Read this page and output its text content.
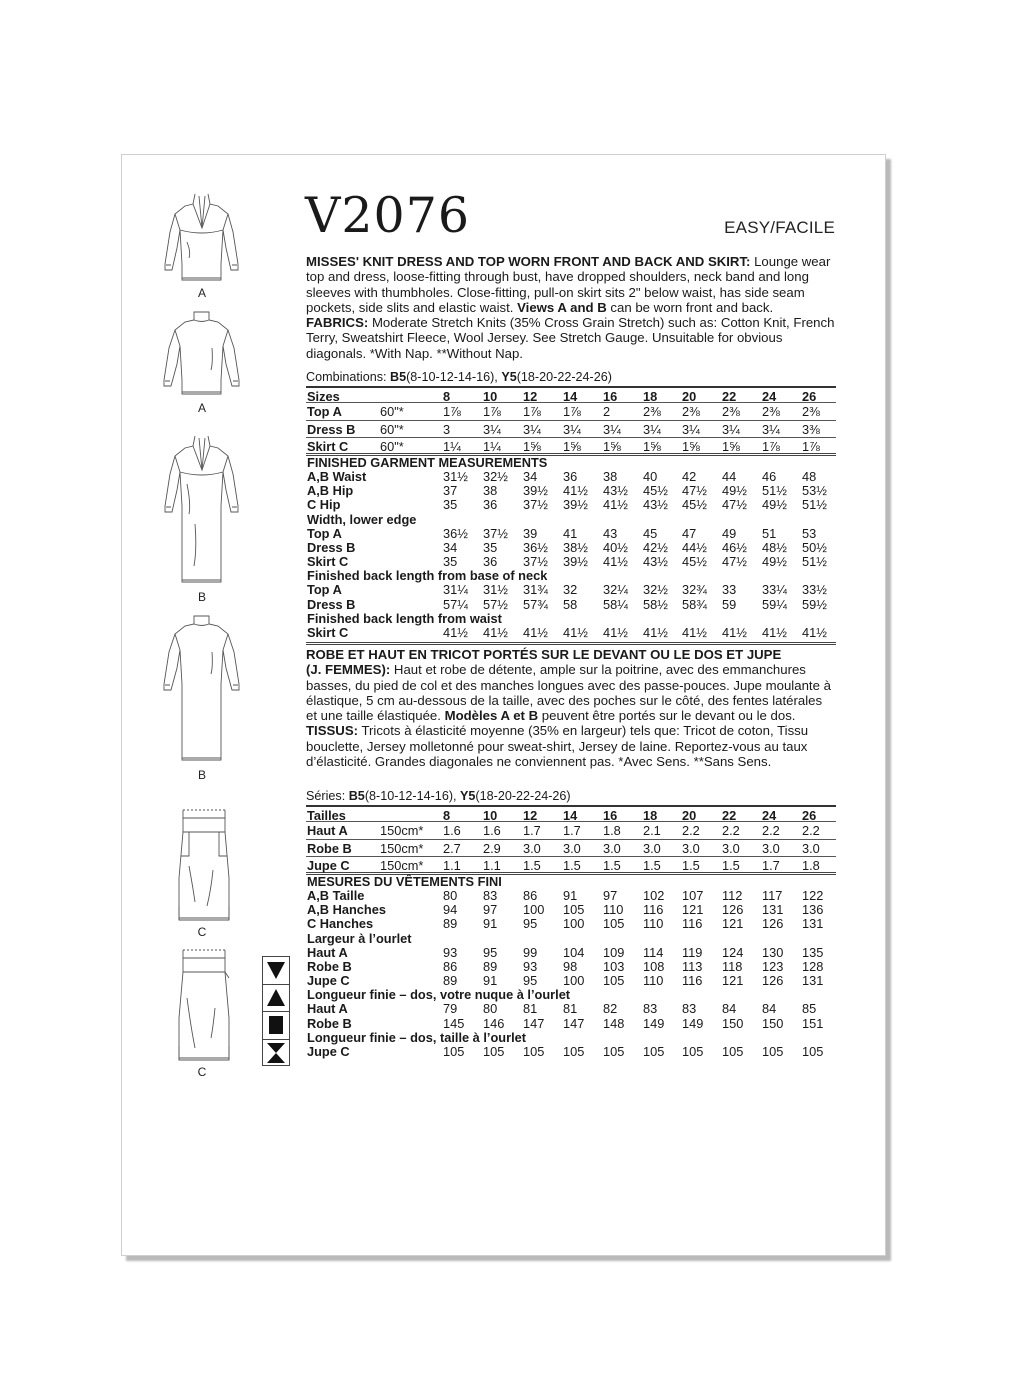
A
A
B
B
C
C
V2076	EASY/FACILE
MISSES' KNIT DRESS AND TOP WORN FRONT AND BACK AND SKIRT: Lounge wear top and dress, loose-fitting through bust, have dropped shoulders, neck band and long sleeves with thumbholes. Close-fitting, pull-on skirt sits 2" below waist, has side seam pockets, side slits and elastic waist. Views A and B can be worn front and back. FABRICS: Moderate Stretch Knits (35% Cross Grain Stretch) such as: Cotton Knit, French Terry, Sweatshirt Fleece, Wool Jersey. See Stretch Gauge. Unsuitable for obvious diagonals. *With Nap. **Without Nap.
Combinations: B5(8-10-12-14-16), Y5(18-20-22-24-26)
Sizes	8	10 12 14 16 18 20 22 24 26
Top A	60"*	1⅞ 1⅞ 1⅞ 1⅞ 2	2⅜ 2⅜ 2⅜ 2⅜ 2⅜
Dress B 60"*	3	3¼ 3¼ 3¼ 3¼ 3¼ 3¼ 3¼ 3¼ 3⅜
Skirt C 60"*	1¼ 1¼ 1⅝ 1⅝ 1⅝ 1⅝ 1⅝ 1⅝ 1⅞ 1⅞
FINISHED GARMENT MEASUREMENTS
A,B Waist	31½ 32½ 34 36 38 40 42 44 46 48
A,B Hip	37 38 39½ 41½ 43½ 45½ 47½ 49½ 51½ 53½
C Hip	35 36 37½ 39½ 41½ 43½ 45½ 47½ 49½ 51½
Width, lower edge
Top A	36½ 37½ 39 41 43 45 47 49 51 53
Dress B	34 35 36½ 38½ 40½ 42½ 44½ 46½ 48½ 50½
Skirt C	35 36 37½ 39½ 41½ 43½ 45½ 47½ 49½ 51½
Finished back length from base of neck
Top A	31¼ 31½ 31¾ 32 32¼ 32½ 32¾ 33 33¼ 33½
Dress B	57¼ 57½ 57¾ 58 58¼ 58½ 58¾ 59 59¼ 59½
Finished back length from waist
Skirt C	41½ 41½ 41½ 41½ 41½ 41½ 41½ 41½ 41½ 41½
ROBE ET HAUT EN TRICOT PORTÉS SUR LE DEVANT OU LE DOS ET JUPE
(J. FEMMES): Haut et robe de détente, ample sur la poitrine, avec des emmanchures basses, du pied de col et des manches longues avec des passe-pouces. Jupe moulante à élastique, 5 cm au-dessous de la taille, avec des poches sur le côté, des fentes latérales et une taille élastiquée. Modèles A et B peuvent être portés sur le devant ou le dos. TISSUS: Tricots à élasticité moyenne (35% en largeur) tels que: Tricot de coton, Tissu bouclette, Jersey molletonné pour sweat-shirt, Jersey de laine. Reportez-vous au taux d’élasticité. Grandes diagonales ne conviennent pas. *Avec Sens. **Sans Sens.
Séries: B5(8-10-12-14-16), Y5(18-20-22-24-26)
Tailles	8	10 12 14 16 18 20 22 24 26
Haut A	150cm* 1.6 1.6 1.7 1.7 1.8 2.1 2.2 2.2 2.2 2.2
Robe B 150cm* 2.7 2.9 3.0 3.0 3.0 3.0 3.0 3.0 3.0 3.0
Jupe C 150cm* 1.1 1.1 1.5 1.5 1.5 1.5 1.5 1.5 1.7 1.8
MESURES DU VÊTEMENTS FINI
A,B Taille	80 83 86 91 97 102 107 112 117 122
A,B Hanches	94 97 100 105 110 116 121 126 131 136
C Hanches	89 91 95 100 105 110 116 121 126 131
Largeur à l’ourlet
Haut A	93 95 99 104 109 114 119 124 130 135
Robe B	86 89 93 98 103 108 113 118 123 128
Jupe C	89 91 95 100 105 110 116 121 126 131
Longueur finie – dos, votre nuque à l’ourlet
Haut A	79 80 81 81 82 83 83 84 84 85
Robe B	145 146 147 147 148 149 149 150 150 151
Longueur finie – dos, taille à l’ourlet
Jupe C	105 105 105 105 105 105 105 105 105 105
